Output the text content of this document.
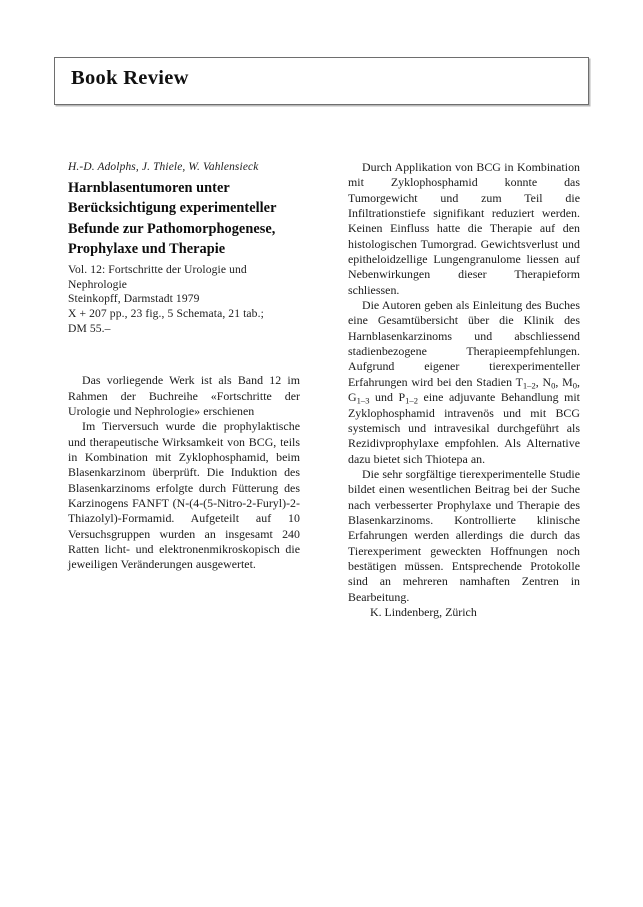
Book Review

H.-D. Adolphs, J. Thiele, W. Vahlensieck

Harnblasentumoren unter Berücksichtigung experimenteller Befunde zur Pathomorphogenese, Prophylaxe und Therapie

Vol. 12: Fortschritte der Urologie und
Nephrologie
Steinkopff, Darmstadt 1979
X + 207 pp., 23 fig., 5 Schemata, 21 tab.;
DM 55.–

Das vorliegende Werk ist als Band 12 im Rahmen der Buchreihe «Fortschritte der Urologie und Nephrologie» erschienen

Im Tierversuch wurde die prophylaktische und therapeutische Wirksamkeit von BCG, teils in Kombination mit Zyklophosphamid, beim Blasenkarzinom überprüft. Die Induktion des Blasenkarzinoms erfolgte durch Fütterung des Karzinogens FANFT (N-(4-(5-Nitro-2-Furyl)-2-Thiazolyl)-Formamid. Aufgeteilt auf 10 Versuchsgruppen wurden an insgesamt 240 Ratten licht- und elektronenmikroskopisch die jeweiligen Veränderungen ausgewertet.

Durch Applikation von BCG in Kombination mit Zyklophosphamid konnte das Tumorgewicht und zum Teil die Infiltrationstiefe signifikant reduziert werden. Keinen Einfluss hatte die Therapie auf den histologischen Tumorgrad. Gewichtsverlust und epitheloidzellige Lungengranulome liessen auf Nebenwirkungen dieser Therapieform schliessen.

Die Autoren geben als Einleitung des Buches eine Gesamtübersicht über die Klinik des Harnblasenkarzinoms und abschliessend stadienbezogene Therapieempfehlungen. Aufgrund eigener tierexperimenteller Erfahrungen wird bei den Stadien $T_{1-2}$, $N_0$, $M_0$, $G_{1-3}$ und $P_{1-2}$ eine adjuvante Behandlung mit Zyklophosphamid intravenös und mit BCG systemisch und intravesikal durchgeführt als Rezidivprophylaxe empfohlen. Als Alternative dazu bietet sich Thiotepa an.

Die sehr sorgfältige tierexperimentelle Studie bildet einen wesentlichen Beitrag bei der Suche nach verbesserter Prophylaxe und Therapie des Blasenkarzinoms. Kontrollierte klinische Erfahrungen werden allerdings die durch das Tierexperiment geweckten Hoffnungen noch bestätigen müssen. Entsprechende Protokolle sind an mehreren namhaften Zentren in Bearbeitung.

K. Lindenberg, Zürich
